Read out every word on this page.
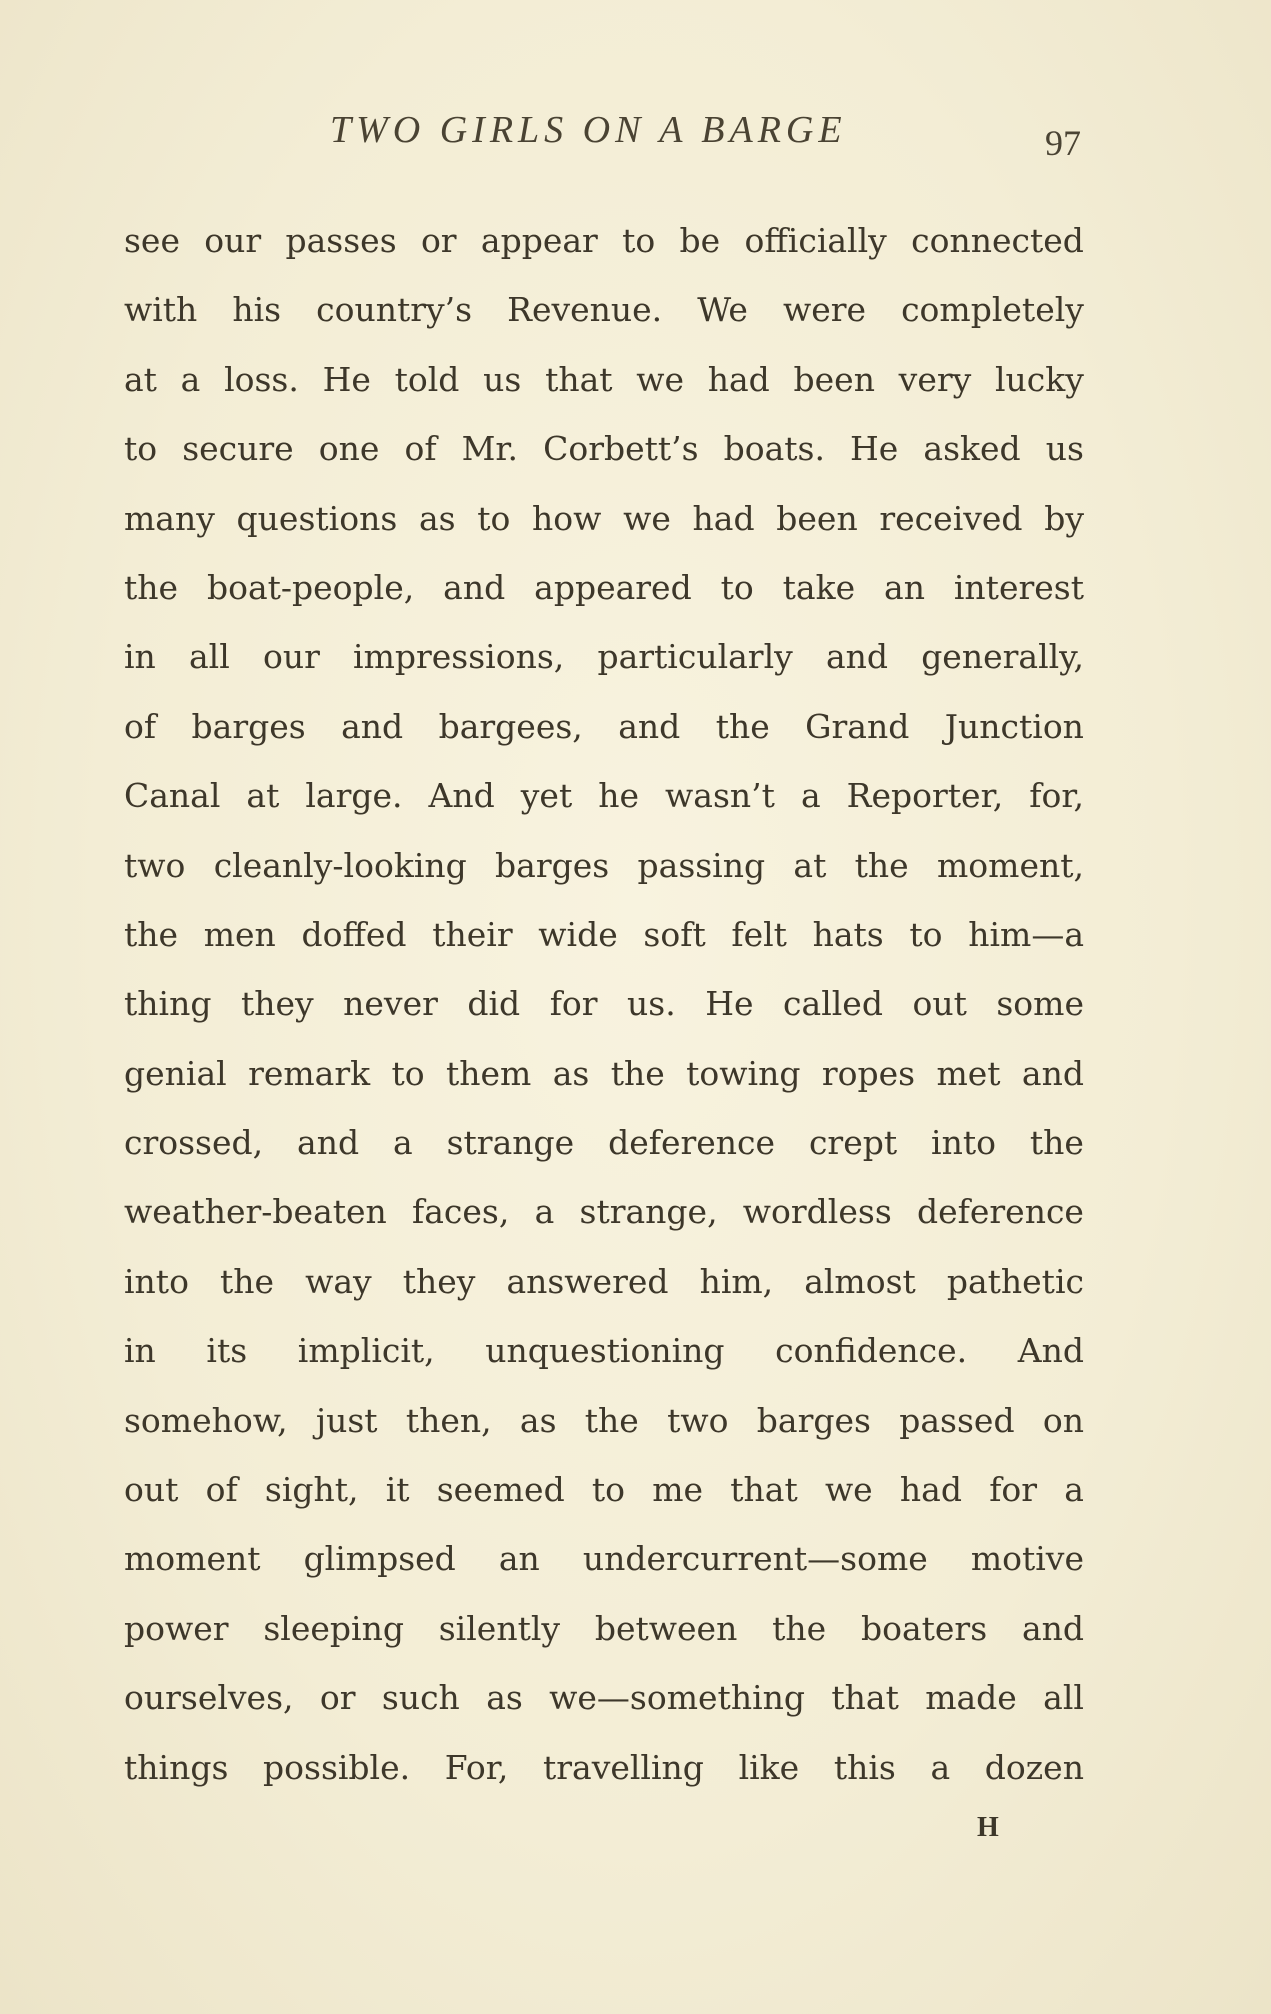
TWO GIRLS ON A BARGE	97
see our passes or appear to be officially connected
with his country’s Revenue. We were completely
at a loss. He told us that we had been very lucky
to secure one of Mr. Corbett’s boats. He asked us
many questions as to how we had been received by
the boat-people, and appeared to take an interest
in all our impressions, particularly and generally,
of barges and bargees, and the Grand Junction
Canal at large. And yet he wasn’t a Reporter, for,
two cleanly-looking barges passing at the moment,
the men doffed their wide soft felt hats to him—a
thing they never did for us. He called out some
genial remark to them as the towing ropes met and
crossed, and a strange deference crept into the
weather-beaten faces, a strange, wordless deference
into the way they answered him, almost pathetic
in its implicit, unquestioning confidence. And
somehow, just then, as the two barges passed on
out of sight, it seemed to me that we had for a
moment glimpsed an undercurrent—some motive
power sleeping silently between the boaters and
ourselves, or such as we—something that made all
things possible. For, travelling like this a dozen
H
